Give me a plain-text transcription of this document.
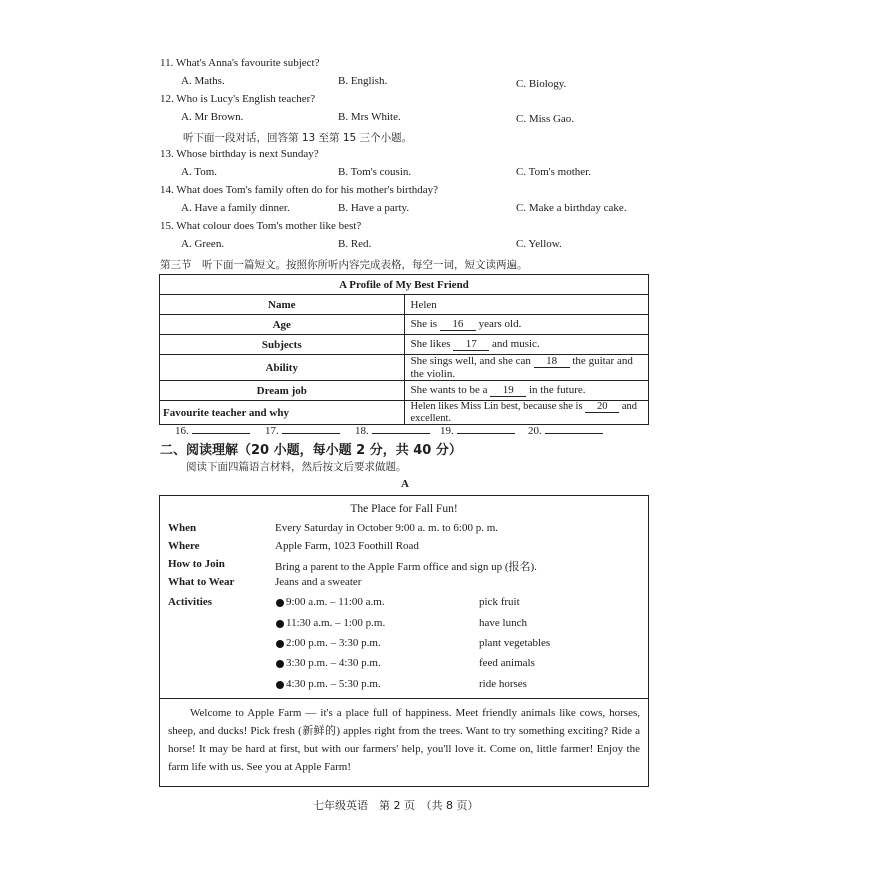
11. What's Anna's favourite subject?
A. Maths.	B. English.	C. Biology.
12. Who is Lucy's English teacher?
A. Mr Brown.	B. Mrs White.	C. Miss Gao.
听下面一段对话，回答第 13 至第 15 三个小题。
13. Whose birthday is next Sunday?
A. Tom.	B. Tom's cousin.	C. Tom's mother.
14. What does Tom's family often do for his mother's birthday?
A. Have a family dinner.	B. Have a party.	C. Make a birthday cake.
15. What colour does Tom's mother like best?
A. Green.	B. Red.	C. Yellow.
第三节　听下面一篇短文。按照你所听内容完成表格，每空一词，短文读两遍。
A Profile of My Best Friend	
Name	Helen
Age	She is 16 years old.
Subjects	She likes 17 and music.
Ability	She sings well, and she can 18 the guitar and the violin.
Dream job	She wants to be a 19 in the future.
Favourite teacher and why	Helen likes Miss Lin best, because she is 20 and excellent.
16.	17.	18.	19.	20.
二、阅读理解（20 小题，每小题 2 分，共 40 分）
阅读下面四篇语言材料，然后按文后要求做题。
A
The Place for Fall Fun!
When	Every Saturday in October 9:00 a. m. to 6:00 p. m.
Where	Apple Farm, 1023 Foothill Road
How to Join	Bring a parent to the Apple Farm office and sign up (报名).
What to Wear	Jeans and a sweater
Activities	9:00 a.m. – 11:00 a.m.	pick fruit
11:30 a.m. – 1:00 p.m.	have lunch
2:00 p.m. – 3:30 p.m.	plant vegetables
3:30 p.m. – 4:30 p.m.	feed animals
4:30 p.m. – 5:30 p.m.	ride horses
Welcome to Apple Farm — it's a place full of happiness. Meet friendly animals like cows, horses, sheep, and ducks! Pick fresh (新鲜的) apples right from the trees. Want to try something exciting? Ride a horse! It may be hard at first, but with our farmers' help, you'll love it. Come on, little farmer! Enjoy the farm life with us. See you at Apple Farm!
七年级英语　第 2 页　（共 8 页）
